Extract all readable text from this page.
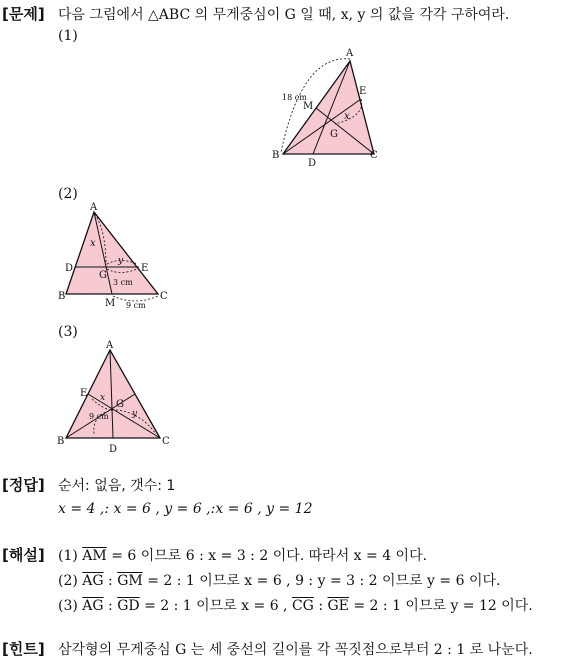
[문제] 다음 그림에서 △ABC 의 무게중심이 G 일 때, x, y 의 값을 각각 구하여라.
(1)
A
B	C
D
E
M
G
x
18 cm
(2)
A
B	C
D	E
M
G
x
y
3 cm
9 cm
(3)
A
B	C
D
E
G
x
y
9 cm
[정답] 순서: 없음, 갯수: 1
x = 4 ,: x = 6 , y = 6 ,:x = 6 , y = 12
[해설] (1) $\overline{AM} = 6$ 이므로 6 : x = 3 : 2 이다. 따라서 x = 4 이다.
(2) $\overline{AG}$ : $\overline{GM} = 2$ : 1 이므로 x = 6 , 9 : y = 3 : 2 이므로 y = 6 이다.
(3) $\overline{AG}$ : $\overline{GD} = 2$ : 1 이므로 x = 6 , $\overline{CG}$ : $\overline{GE} = 2$ : 1 이므로 y = 12 이다.
[힌트] 삼각형의 무게중심 G 는 세 중선의 길이를 각 꼭짓점으로부터 2 : 1 로 나눈다.
